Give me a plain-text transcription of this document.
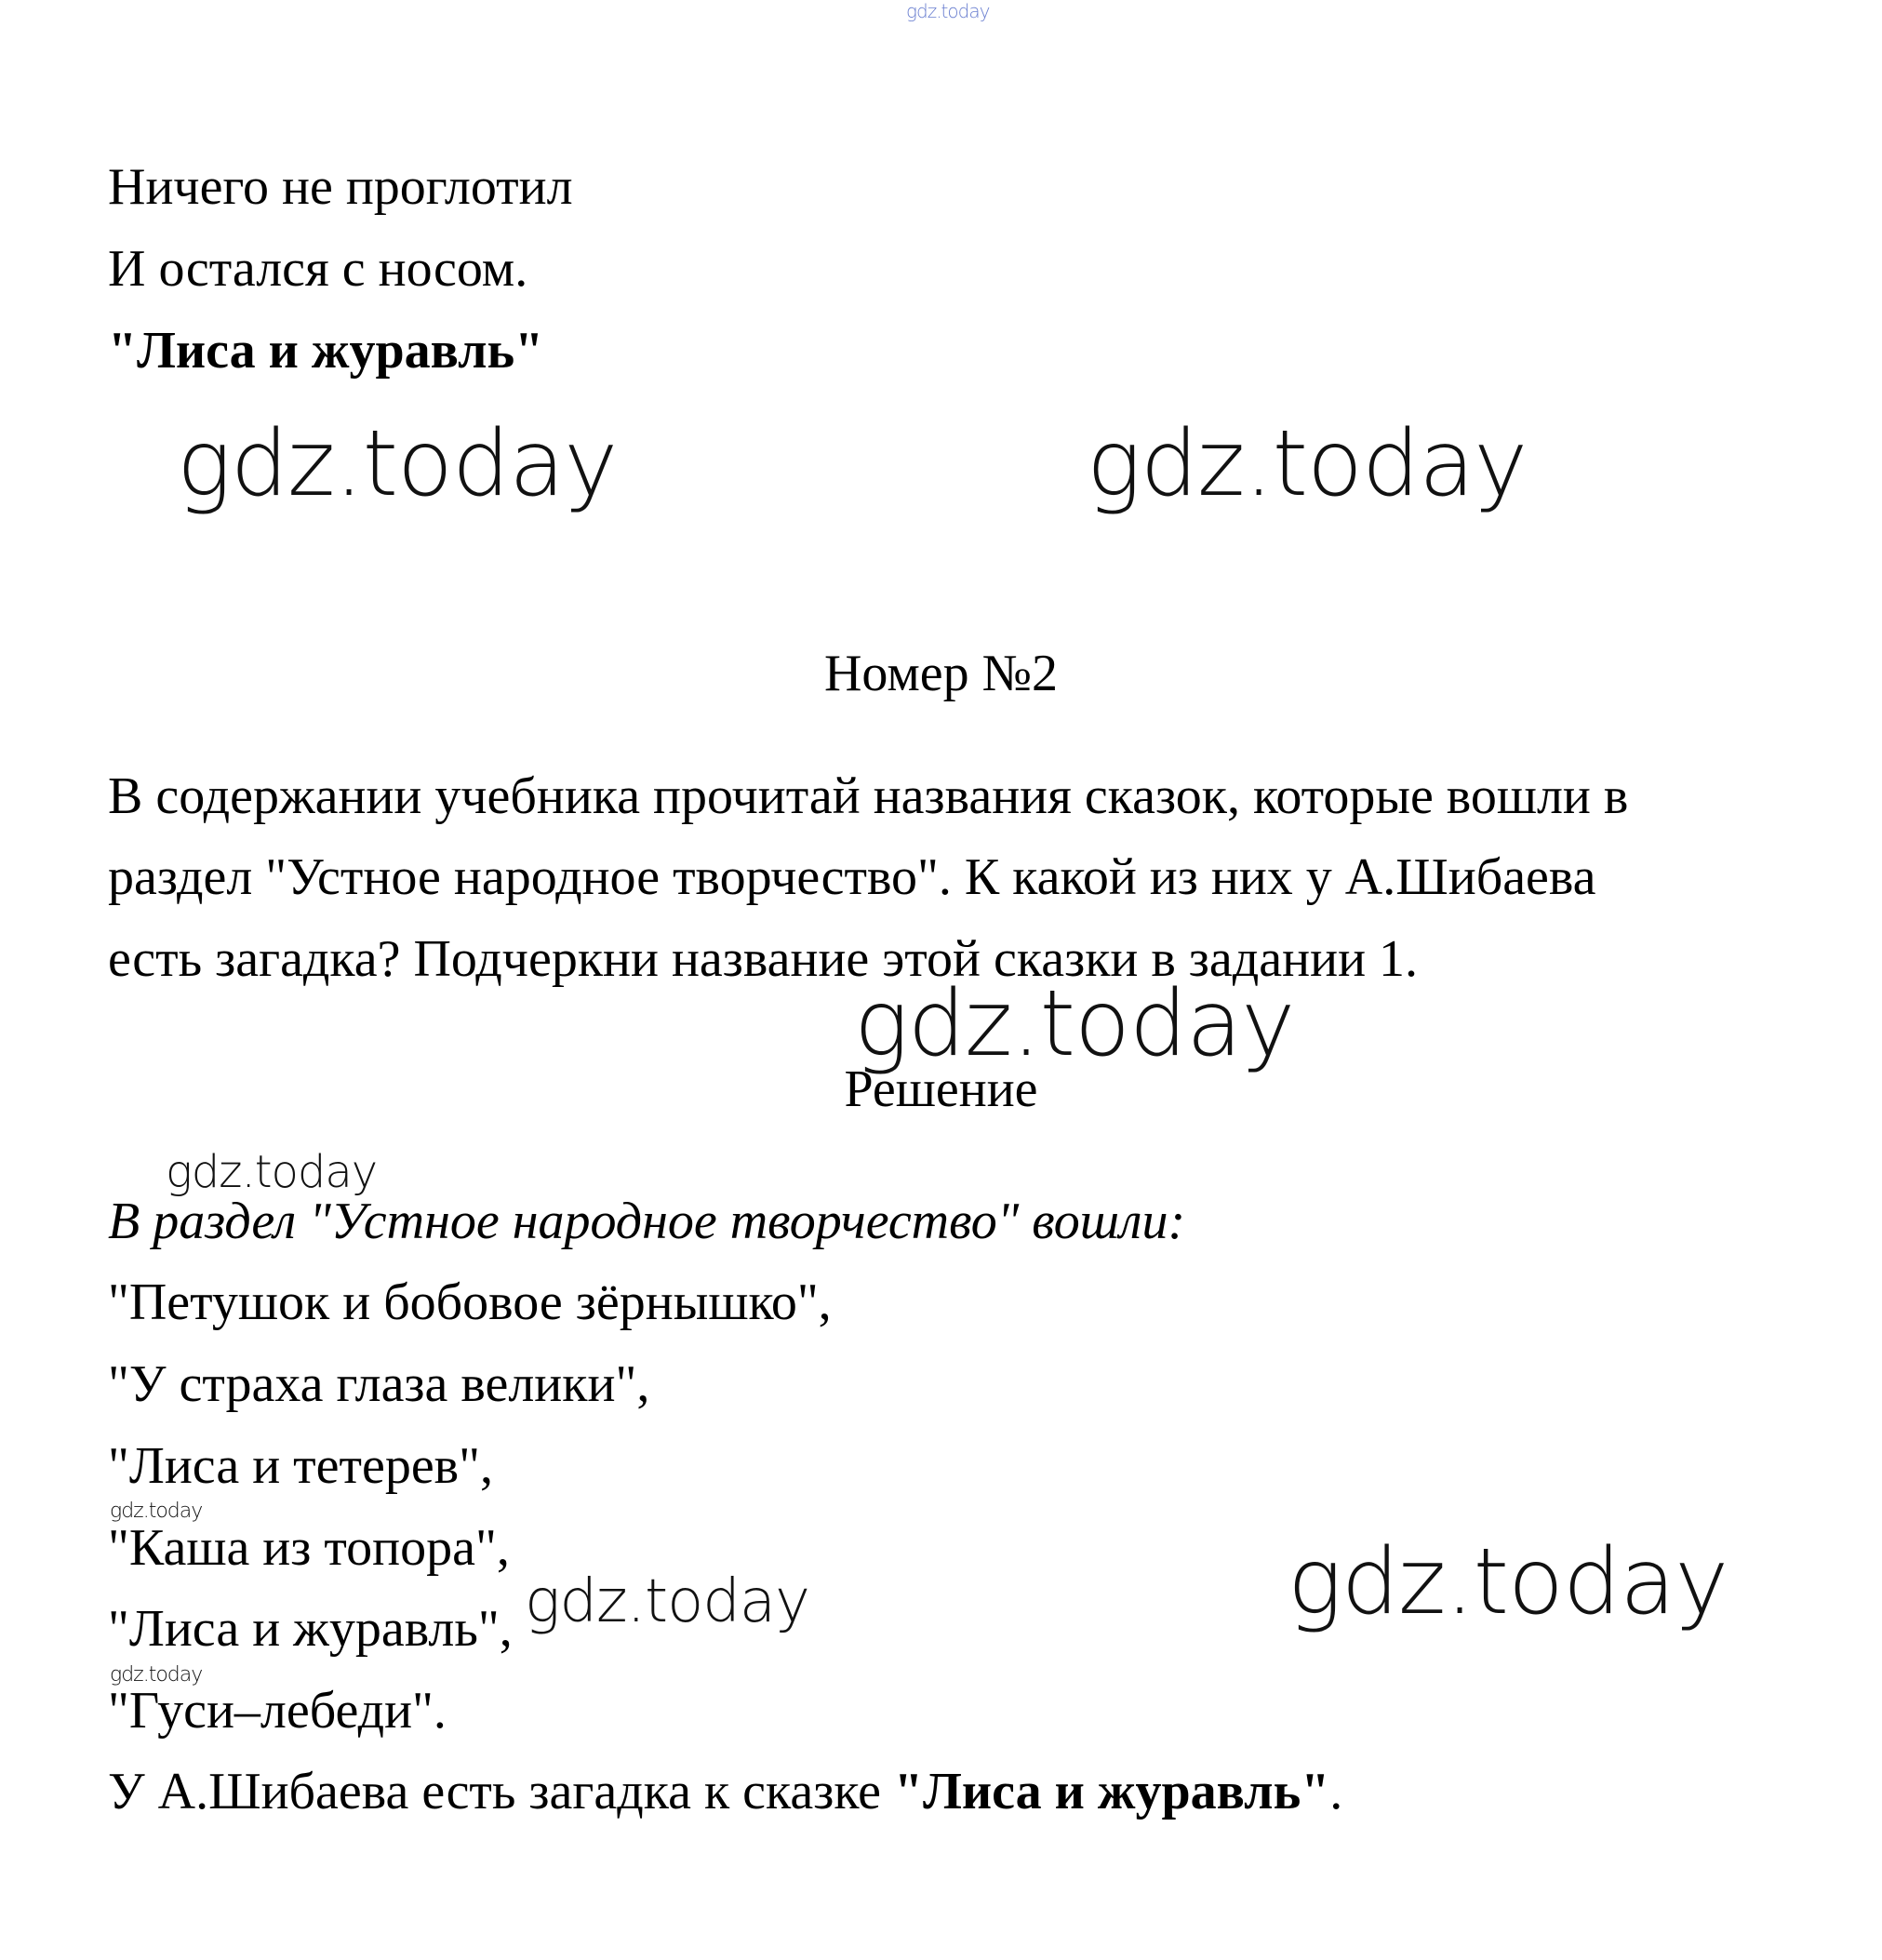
gdz.today
gdz.today	gdz.today
gdz.today
gdz.today
gdz.today
gdz.today	gdz.today
gdz.today
Ничего не проглотил
И остался с носом.
"Лиса и журавль"
Номер №2
В содержании учебника прочитай названия сказок, которые вошли в
раздел "Устное народное творчество". К какой из них у А.Шибаева
есть загадка? Подчеркни название этой сказки в задании 1.
Решение
В раздел "Устное народное творчество" вошли:
"Петушок и бобовое зёрнышко",
"У страха глаза велики",
"Лиса и тетерев",
"Каша из топора",
"Лиса и журавль",
"Гуси–лебеди".
У А.Шибаева есть загадка к сказке "Лиса и журавль".
